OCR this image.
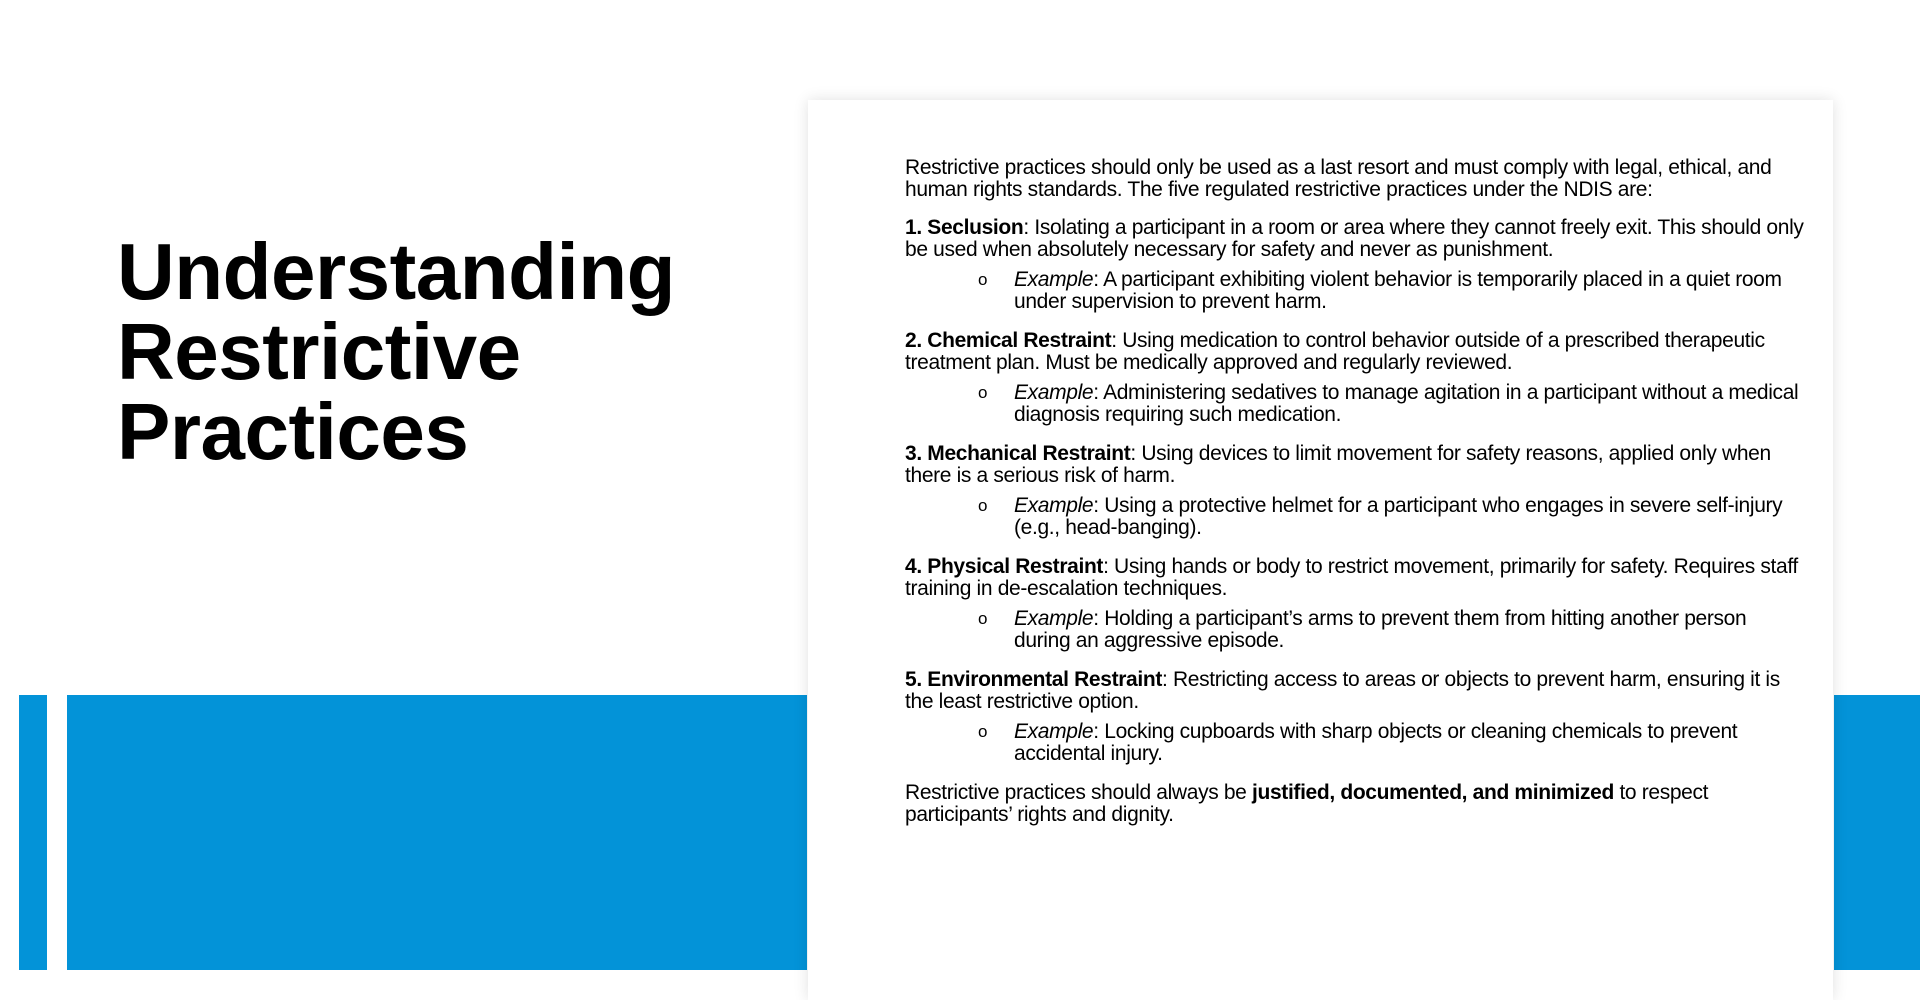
Understanding Restrictive Practices

Restrictive practices should only be used as a last resort and must comply with legal, ethical, and human rights standards. The five regulated restrictive practices under the NDIS are:

1. Seclusion: Isolating a participant in a room or area where they cannot freely exit. This should only be used when absolutely necessary for safety and never as punishment.

o	Example: A participant exhibiting violent behavior is temporarily placed in a quiet room under supervision to prevent harm.

2. Chemical Restraint: Using medication to control behavior outside of a prescribed therapeutic treatment plan. Must be medically approved and regularly reviewed.

o	Example: Administering sedatives to manage agitation in a participant without a medical diagnosis requiring such medication.

3. Mechanical Restraint: Using devices to limit movement for safety reasons, applied only when there is a serious risk of harm.

o	Example: Using a protective helmet for a participant who engages in severe self-injury (e.g., head-banging).

4. Physical Restraint: Using hands or body to restrict movement, primarily for safety. Requires staff training in de-escalation techniques.

o	Example: Holding a participant’s arms to prevent them from hitting another person during an aggressive episode.

5. Environmental Restraint: Restricting access to areas or objects to prevent harm, ensuring it is the least restrictive option.

o	Example: Locking cupboards with sharp objects or cleaning chemicals to prevent accidental injury.

Restrictive practices should always be justified, documented, and minimized to respect participants’ rights and dignity.
